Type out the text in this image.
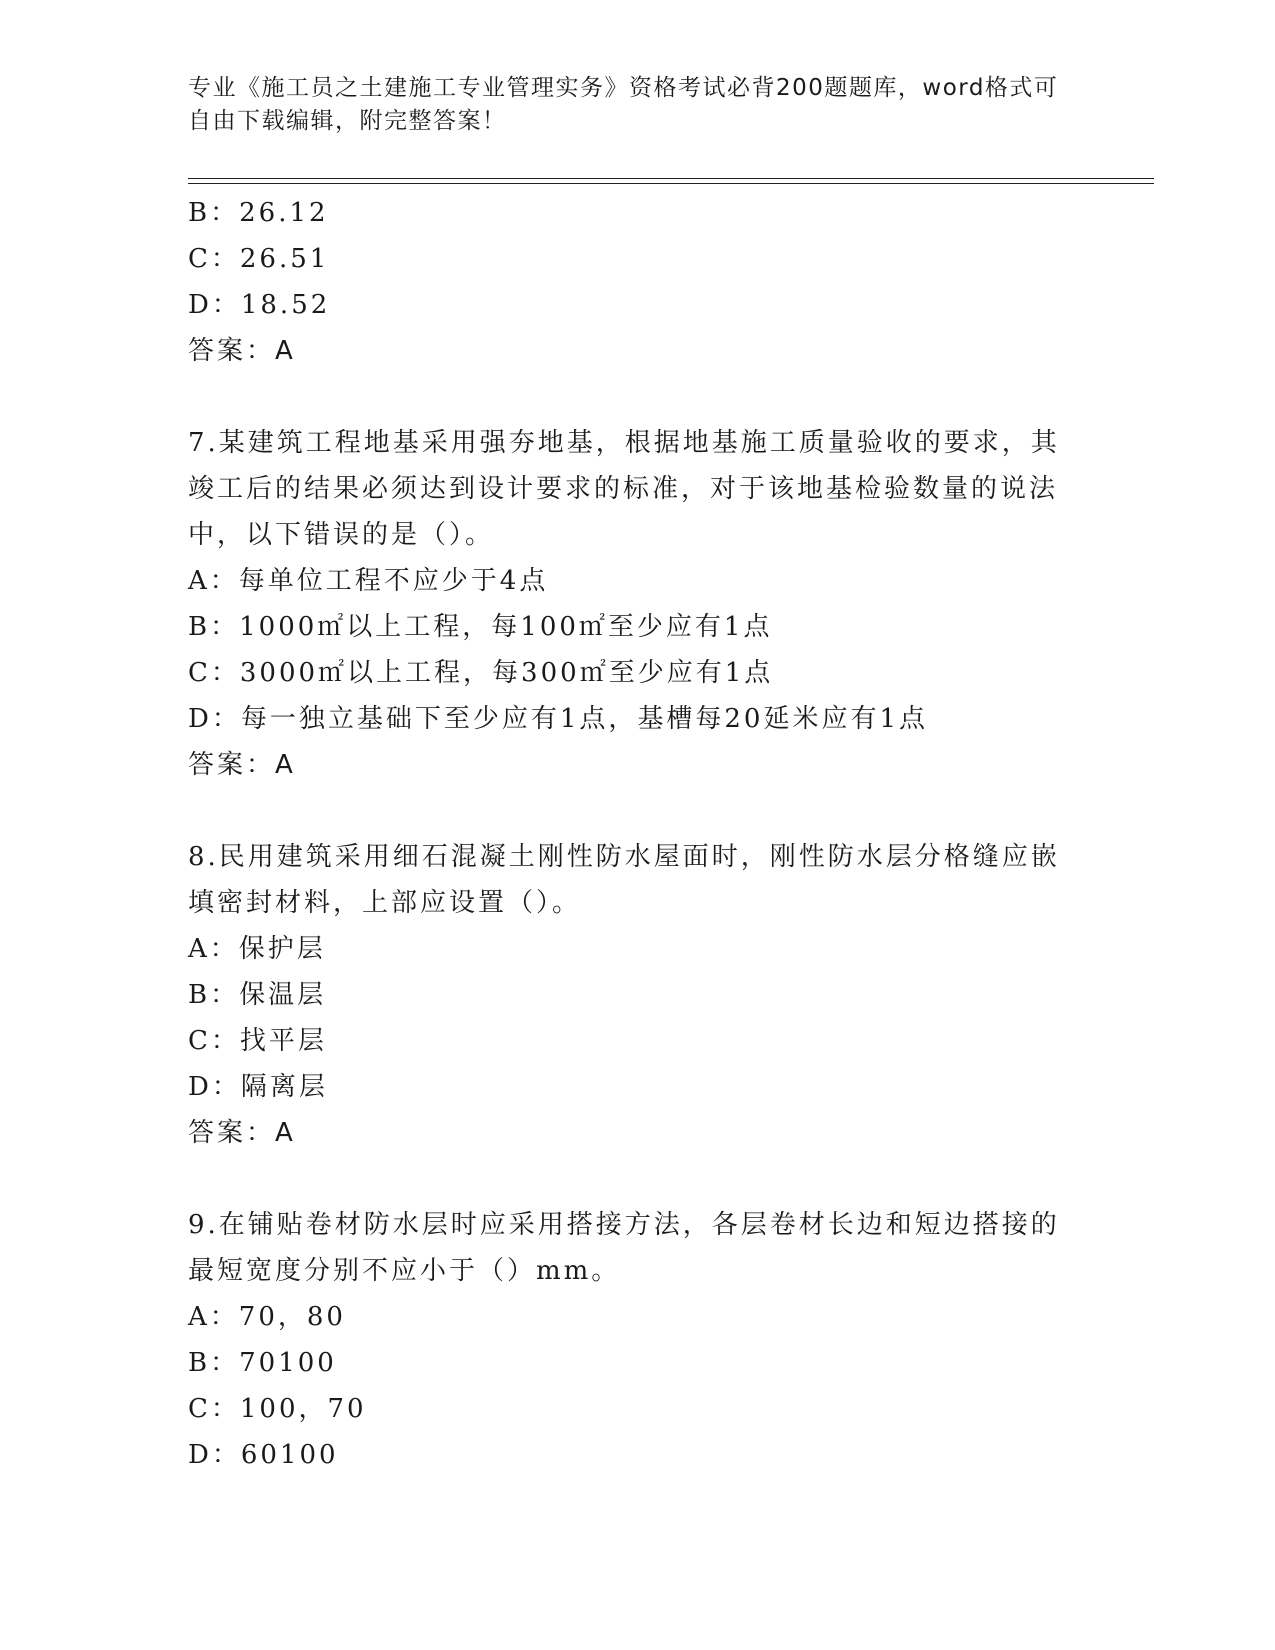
专业《施工员之土建施工专业管理实务》资格考试必背200题题库，word格式可
自由下载编辑，附完整答案！
B：26.12
C：26.51
D：18.52
答案：A
7.某建筑工程地基采用强夯地基，根据地基施工质量验收的要求，其
竣工后的结果必须达到设计要求的标准，对于该地基检验数量的说法
中，以下错误的是（）。
A：每单位工程不应少于4点
B：1000㎡以上工程，每100㎡至少应有1点
C：3000㎡以上工程，每300㎡至少应有1点
D：每一独立基础下至少应有1点，基槽每20延米应有1点
答案：A
8.民用建筑采用细石混凝土刚性防水屋面时，刚性防水层分格缝应嵌
填密封材料，上部应设置（）。
A：保护层
B：保温层
C：找平层
D：隔离层
答案：A
9.在铺贴卷材防水层时应采用搭接方法，各层卷材长边和短边搭接的
最短宽度分别不应小于（）mm。
A：70，80
B：70100
C：100，70
D：60100
